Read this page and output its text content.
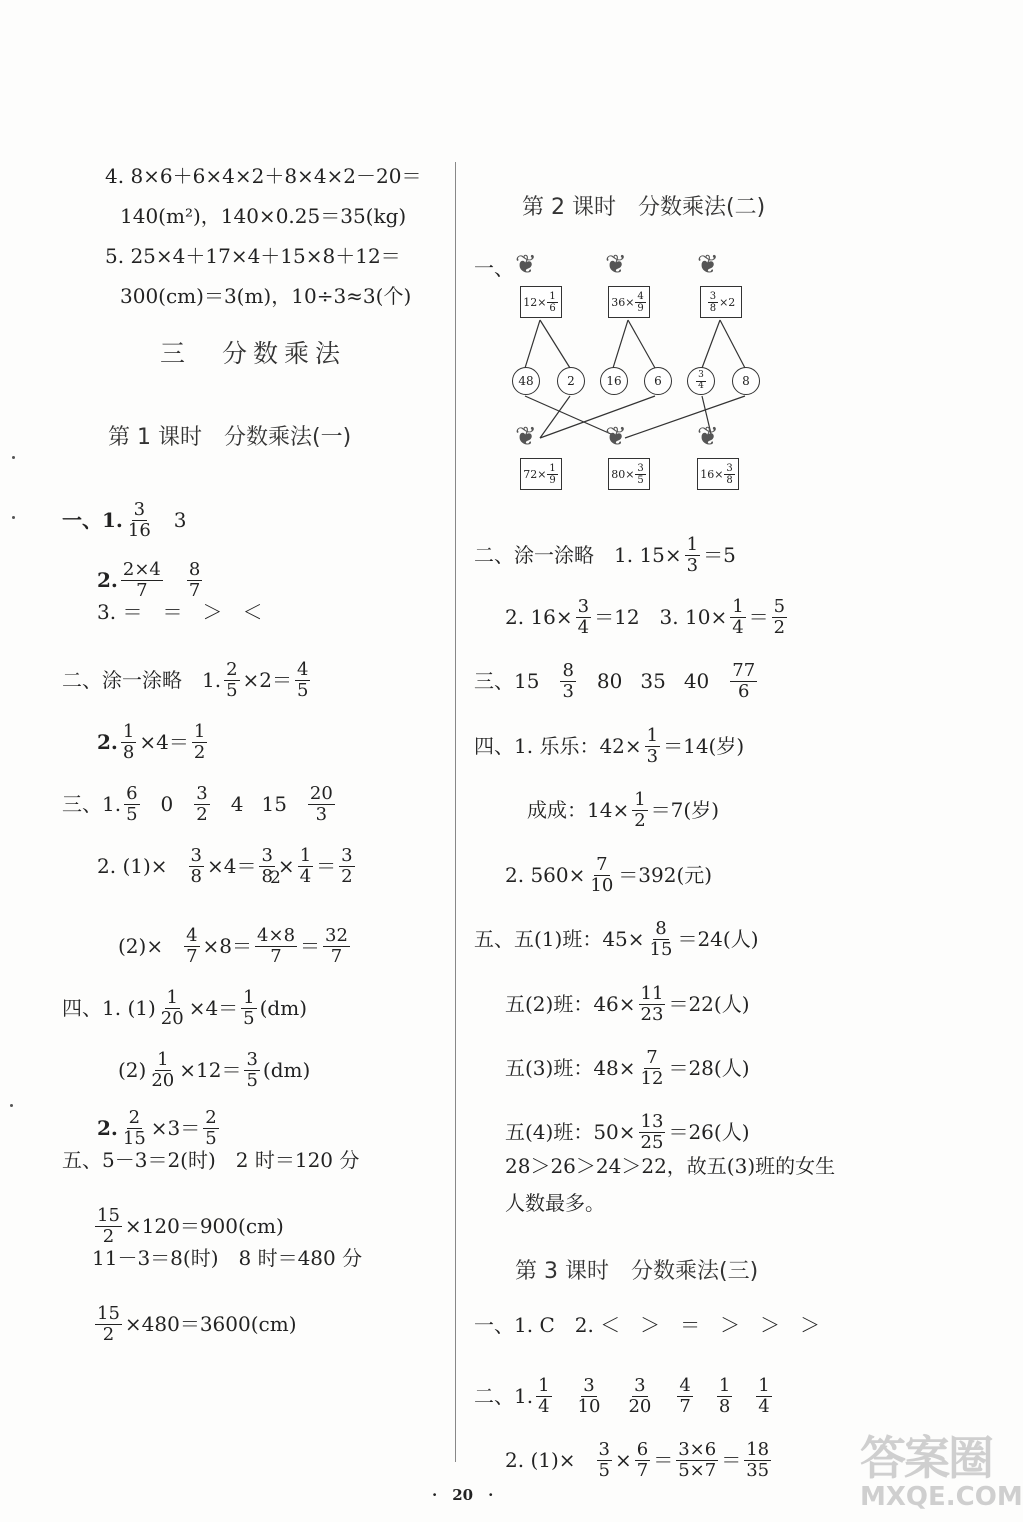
4. 8×6＋6×4×2＋8×4×2－20＝
140(m²)，140×0.25＝35(kg)
5. 25×4＋17×4＋15×8＋12＝
300(cm)＝3(m)，10÷3≈3(个)
三　分数乘法
第 1 课时　分数乘法(一)
一、1. 3
16 3
2. 2×4
7
8
7
3. ＝　＝　＞　＜
二、涂一涂略　1. $\frac{2}{5} \times 2= 4$
5
2. $\frac{1}{8} \times 4= 1$
2
三、1. 6
5 0 3
2 4 15 20
3
2. $(1)\times \frac{3}{8} \times 4= \frac{3}{8} \times \frac{1}{4} = 3$
2
2
$(2)\times \frac{4}{7} \times 8= 4\times 8$
7 ＝ 32
7
四、1. $(1) \frac{1}{20} \times 4= 1$
5 (dm)
$(2) \frac{1}{20} \times 12= 3$
5 (dm)
2. $\frac{2}{15} \times 3= 2$
5
五、5－3＝2(时)　2 时＝120 分
$\frac{15}{2} \times 120=900(cm)$
11－3＝8(时)　8 时＝480 分
$\frac{15}{2} \times 480=3600(cm)$
第 2 课时　分数乘法(二)
一、 ❦	❦	❦
$12\times \frac{1}{6}$	$36\times \frac{4}{9}$	$\frac{3}{8} \times 2$
48	2	16	6	3
4	8
❦	❦	❦
$72\times \frac{1}{9}$	$80\times \frac{3}{5}$	$16\times \frac{3}{8}$
二、涂一涂略　1. $15\times \frac{1}{3} =5$
2. $16\times \frac{3}{4} =12$　3. $10\times \frac{1}{4} = 5$
2
三、15 8
3 80 35 40 77
6
四、1. 乐乐：$42\times \frac{1}{3} =14$(岁)
成成：$14\times \frac{1}{2} =7$(岁)
2. $560\times \frac{7}{10} =392$(元)
五、五(1)班：$45\times \frac{8}{15} =24$(人)
五(2)班：$46\times \frac{11}{23} =22$(人)
五(3)班：$48\times \frac{7}{12} =28$(人)
五(4)班：$50\times \frac{13}{25} =26$(人)
28＞26＞24＞22，故五(3)班的女生
人数最多。
第 3 课时　分数乘法(三)
一、1. C　2. ＜　＞　＝　＞　＞　＞
二、1. 1
4
3
10
3
20
4
7
1
8
1
4
2. $(1)\times \frac{3}{5} \times \frac{6}{7} = 3\times 6$
5×7 ＝ 18
35
·　20　·
答案圈
MXQE.COM
